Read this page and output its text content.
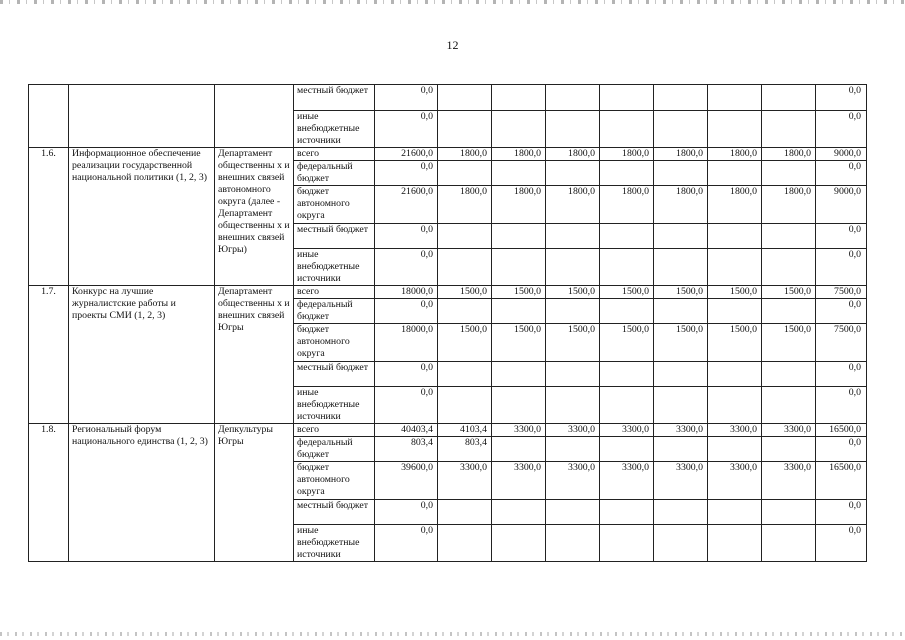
12
			местный бюджет	0,0								0,0
			иные внебюджетные источники	0,0								0,0
1.6.	Информационное обеспечение реализации государственной национальной политики (1, 2, 3)	Департамент общественны х и внешних связей автономного округа (далее - Департамент общественны х и внешних связей Югры)	всего	21600,0	1800,0	1800,0	1800,0	1800,0	1800,0	1800,0	1800,0	9000,0
			федеральный бюджет	0,0								0,0
			бюджет автономного округа	21600,0	1800,0	1800,0	1800,0	1800,0	1800,0	1800,0	1800,0	9000,0
			местный бюджет	0,0								0,0
			иные внебюджетные источники	0,0								0,0
1.7.	Конкурс на лучшие журналистские работы и проекты СМИ (1, 2, 3)	Департамент общественны х и внешних связей Югры	всего	18000,0	1500,0	1500,0	1500,0	1500,0	1500,0	1500,0	1500,0	7500,0
			федеральный бюджет	0,0								0,0
			бюджет автономного округа	18000,0	1500,0	1500,0	1500,0	1500,0	1500,0	1500,0	1500,0	7500,0
			местный бюджет	0,0								0,0
			иные внебюджетные источники	0,0								0,0
1.8.	Региональный форум национального единства (1, 2, 3)	Депкультуры Югры	всего	40403,4	4103,4	3300,0	3300,0	3300,0	3300,0	3300,0	3300,0	16500,0
			федеральный бюджет	803,4	803,4							0,0
			бюджет автономного округа	39600,0	3300,0	3300,0	3300,0	3300,0	3300,0	3300,0	3300,0	16500,0
			местный бюджет	0,0								0,0
			иные внебюджетные источники	0,0								0,0
